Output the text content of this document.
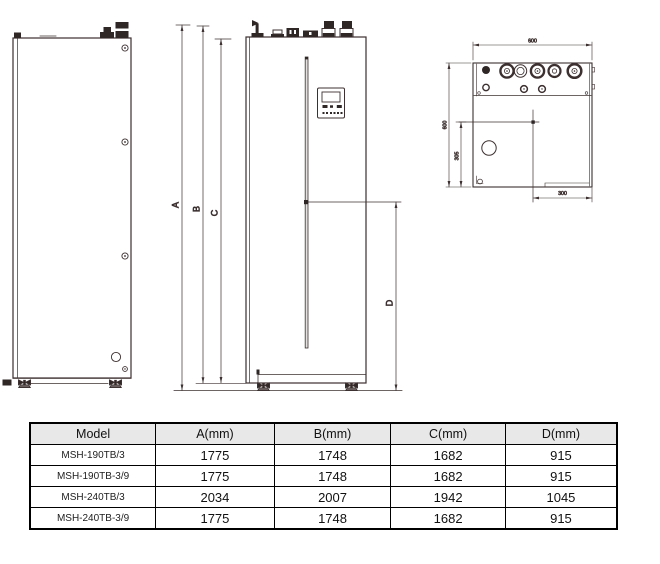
A
B
C
D
600
600
305
300
Model	A(mm)	B(mm)	C(mm)	D(mm)
MSH-190TB/3	1775	1748	1682	915
MSH-190TB-3/9	1775	1748	1682	915
MSH-240TB/3	2034	2007	1942	1045
MSH-240TB-3/9	1775	1748	1682	915
